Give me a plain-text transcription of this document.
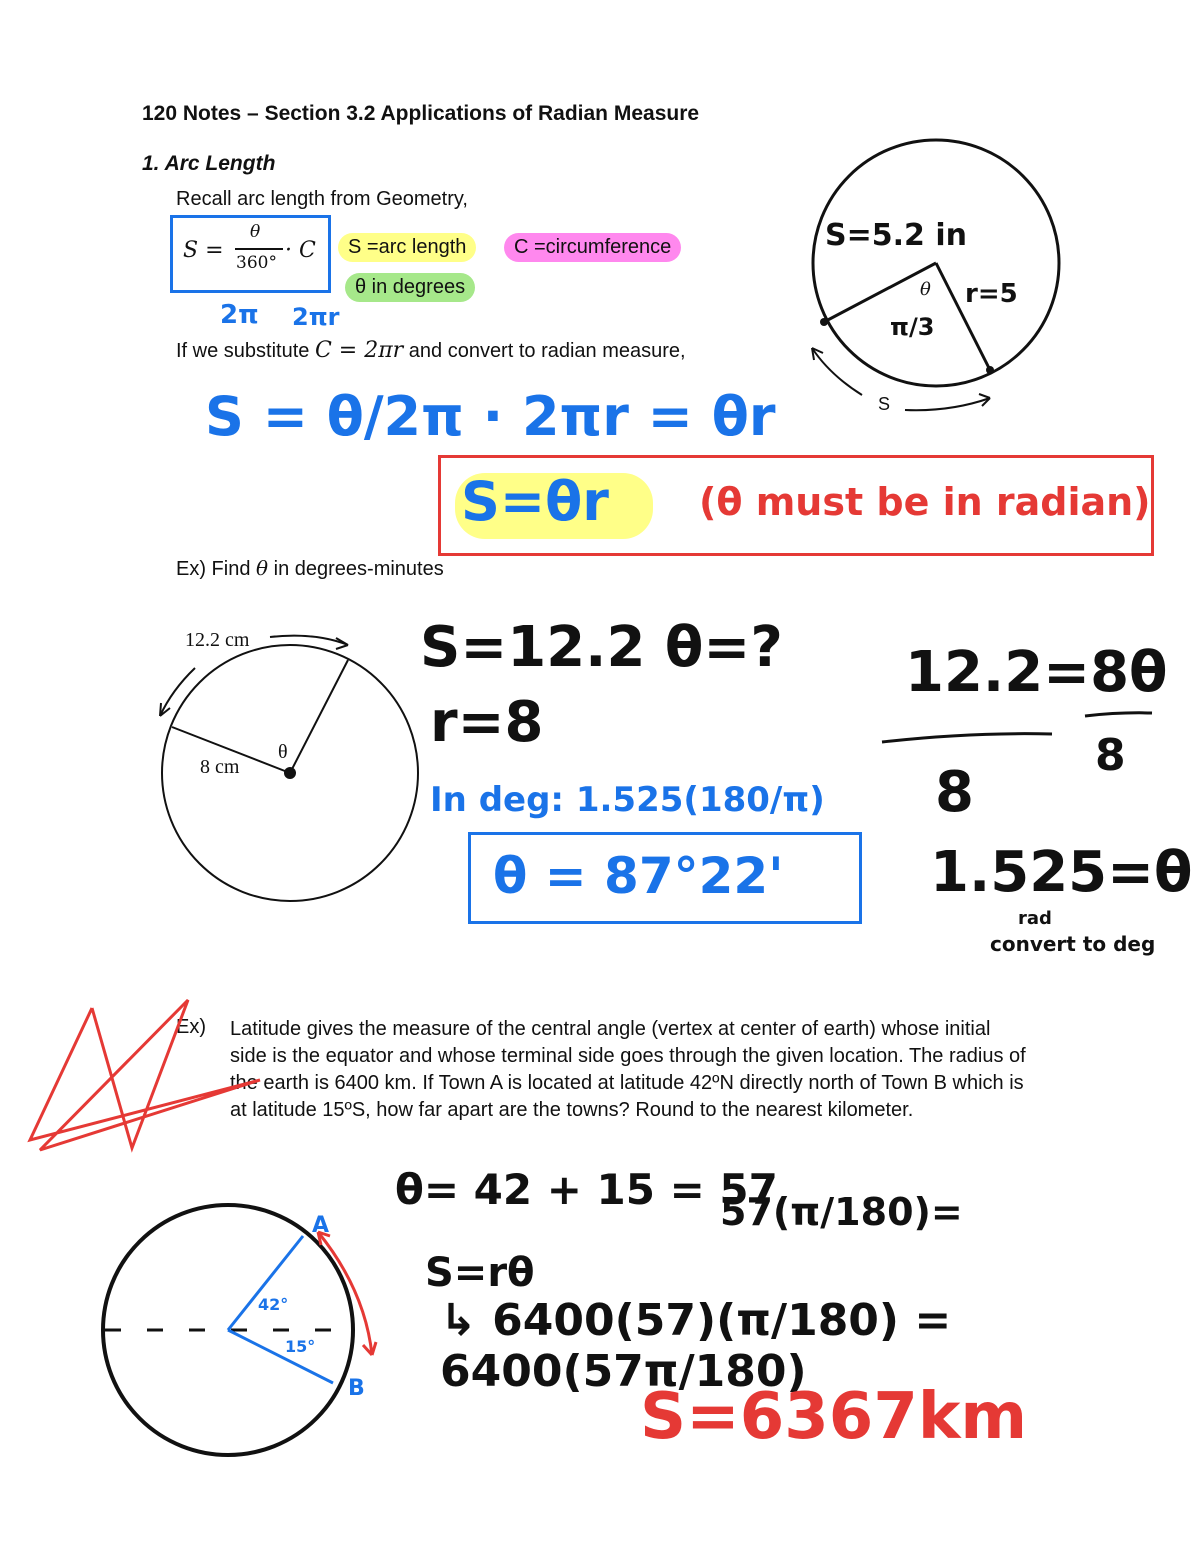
120 Notes – Section 3.2 Applications of Radian Measure
1. Arc Length
Recall arc length from Geometry,
S =
θ
360° · C	S =arc length	C =circumference
θ in degrees
If we substitute C = 2πr and convert to radian measure,
2π 2πr
S = θ/2π · 2πr = θr
S=θr (θ must be in radian)
Ex) Find θ in degrees-minutes
S=12.2 θ=?
r=8
In deg: 1.525(180/π)
θ = 87°22'
12.2=8θ
8
8
1.525=θ
rad
convert to deg
Ex) Latitude gives the measure of the central angle (vertex at center of earth) whose initial side is the equator and whose terminal side goes through the given location. The radius of the earth is 6400 km. If Town A is located at latitude 42ºN directly north of Town B which is at latitude 15ºS, how far apart are the towns? Round to the nearest kilometer.
θ= 42 + 15 = 57
57(π/180)=
S=rθ
↳ 6400(57)(π/180) = 6400(57π/180)
S=6367km
S=5.2 in
θ
π/3
r=5
S
12.2 cm
8 cm
θ
A
B
42°
15°
